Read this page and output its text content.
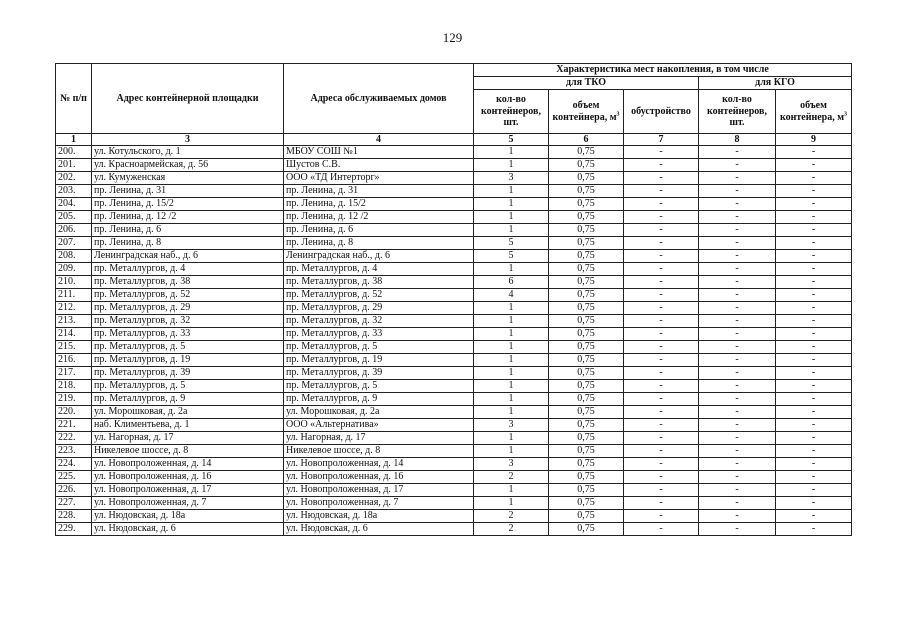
129
№ п/п	Адрес контейнерной площадки	Адреса обслуживаемых домов	Характеристика мест накопления, в том числе				
			для ТКО			для КГО	
			кол-во контейнеров, шт.	объем контейнера, $м^3$	обустройство	кол-во контейнеров, шт.	объем контейнера, $м^3$
1	3	4	5	6	7	8	9
200.	ул. Котульского, д. 1	МБОУ СОШ №1	1	0,75	-	-	-
201.	ул. Красноармейская, д. 56	Шустов С.В.	1	0,75	-	-	-
202.	ул. Кумуженская	ООО «ТД Интерторг»	3	0,75	-	-	-
203.	пр. Ленина, д. 31	пр. Ленина, д. 31	1	0,75	-	-	-
204.	пр. Ленина, д. 15/2	пр. Ленина, д. 15/2	1	0,75	-	-	-
205.	пр. Ленина, д. 12 /2	пр. Ленина, д. 12 /2	1	0,75	-	-	-
206.	пр. Ленина, д. 6	пр. Ленина, д. 6	1	0,75	-	-	-
207.	пр. Ленина, д. 8	пр. Ленина, д. 8	5	0,75	-	-	-
208.	Ленинградская наб., д. 6	Ленинградская наб., д. 6	5	0,75	-	-	-
209.	пр. Металлургов, д. 4	пр. Металлургов, д. 4	1	0,75	-	-	-
210.	пр. Металлургов, д. 38	пр. Металлургов, д. 38	6	0,75	-	-	-
211.	пр. Металлургов, д. 52	пр. Металлургов, д. 52	4	0,75	-	-	-
212.	пр. Металлургов, д. 29	пр. Металлургов, д. 29	1	0,75	-	-	-
213.	пр. Металлургов, д. 32	пр. Металлургов, д. 32	1	0,75	-	-	-
214.	пр. Металлургов, д. 33	пр. Металлургов, д. 33	1	0,75	-	-	-
215.	пр. Металлургов, д. 5	пр. Металлургов, д. 5	1	0,75	-	-	-
216.	пр. Металлургов, д. 19	пр. Металлургов, д. 19	1	0,75	-	-	-
217.	пр. Металлургов, д. 39	пр. Металлургов, д. 39	1	0,75	-	-	-
218.	пр. Металлургов, д. 5	пр. Металлургов, д. 5	1	0,75	-	-	-
219.	пр. Металлургов, д. 9	пр. Металлургов, д. 9	1	0,75	-	-	-
220.	ул. Морошковая, д. 2а	ул. Морошковая, д. 2а	1	0,75	-	-	-
221.	наб. Климентьева, д. 1	ООО «Альтернатива»	3	0,75	-	-	-
222.	ул. Нагорная, д. 17	ул. Нагорная, д. 17	1	0,75	-	-	-
223.	Никелевое шоссе, д. 8	Никелевое шоссе, д. 8	1	0,75	-	-	-
224.	ул. Новопроложенная, д. 14	ул. Новопроложенная, д. 14	3	0,75	-	-	-
225.	ул. Новопроложенная, д. 16	ул. Новопроложенная, д. 16	2	0,75	-	-	-
226.	ул. Новопроложенная, д. 17	ул. Новопроложенная, д. 17	1	0,75	-	-	-
227.	ул. Новопроложенная, д. 7	ул. Новопроложенная, д. 7	1	0,75	-	-	-
228.	ул. Нюдовская, д. 18а	ул. Нюдовская, д. 18а	2	0,75	-	-	-
229.	ул. Нюдовская, д. 6	ул. Нюдовская, д. 6	2	0,75	-	-	-
